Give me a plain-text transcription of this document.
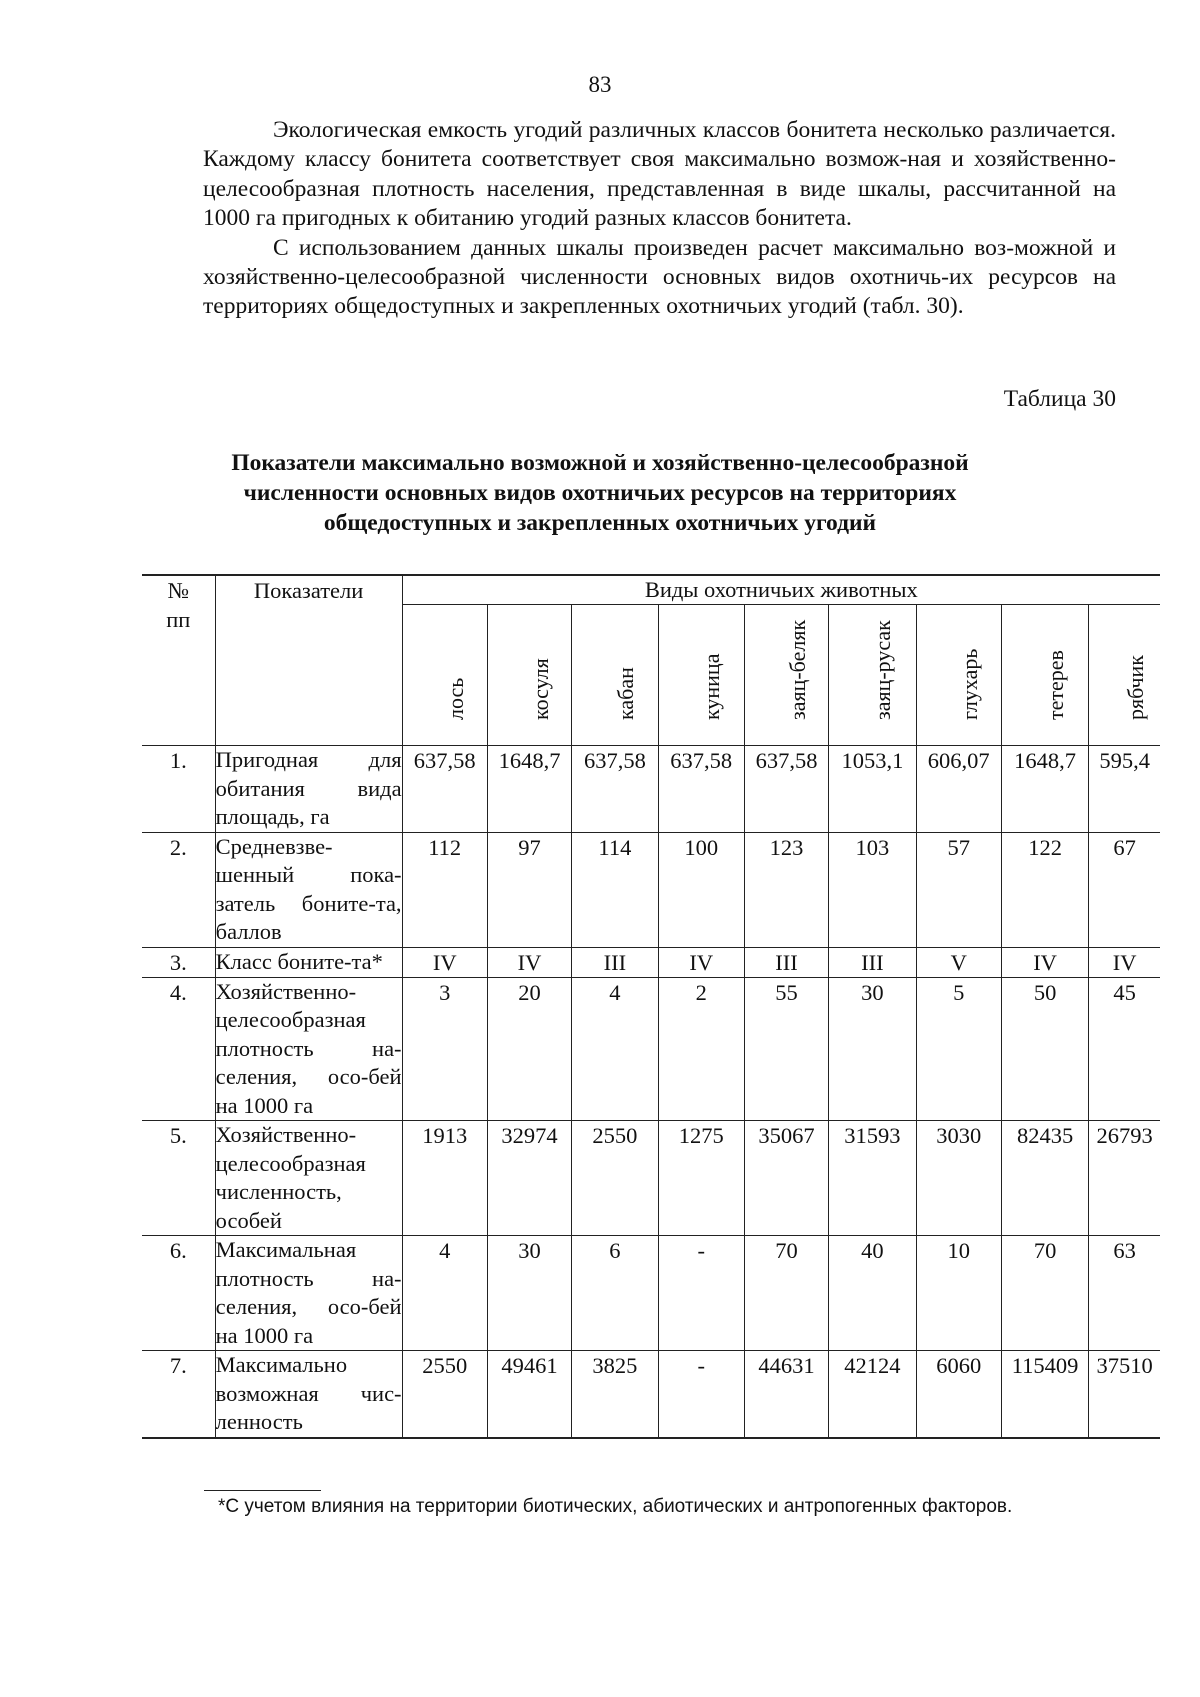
83

Экологическая емкость угодий различных классов бонитета несколько различается. Каждому классу бонитета соответствует своя максимально возмож-ная и хозяйственно-целесообразная плотность населения, представленная в виде шкалы, рассчитанной на 1000 га пригодных к обитанию угодий разных классов бонитета.

С использованием данных шкалы произведен расчет максимально воз-можной и хозяйственно-целесообразной численности основных видов охотничь-их ресурсов на территориях общедоступных и закрепленных охотничьих угодий (табл. 30).

Таблица 30
Показатели максимально возможной и хозяйственно-целесообразной
численности основных видов охотничьих ресурсов на территориях
общедоступных и закрепленных охотничьих угодий
№
пп	Показатели	Виды охотничьих животных								

		лось	косуля	кабан	куница	заяц-беляк	заяц-русак	глухарь	тетерев	рябчик

1.	Пригодная для обитания вида площадь, га	637,58	1648,7	637,58	637,58	637,58	1053,1	606,07	1648,7	595,4
2.	Средневзве-шенный пока-затель боните-та, баллов	112	97	114	100	123	103	57	122	67
3.	Класс боните-та*	IV	IV	III	IV	III	III	V	IV	IV
4.	Хозяйственно-целесообразная плотность на-селения, осо-бей на 1000 га	3	20	4	2	55	30	5	50	45
5.	Хозяйственно-целесообразная численность, особей	1913	32974	2550	1275	35067	31593	3030	82435	26793
6.	Максимальная плотность на-селения, осо-бей на 1000 га	4	30	6	-	70	40	10	70	63
7.	Максимально возможная чис-ленность	2550	49461	3825	-	44631	42124	6060	115409	37510
*С учетом влияния на территории биотических, абиотических и антропогенных факторов.
